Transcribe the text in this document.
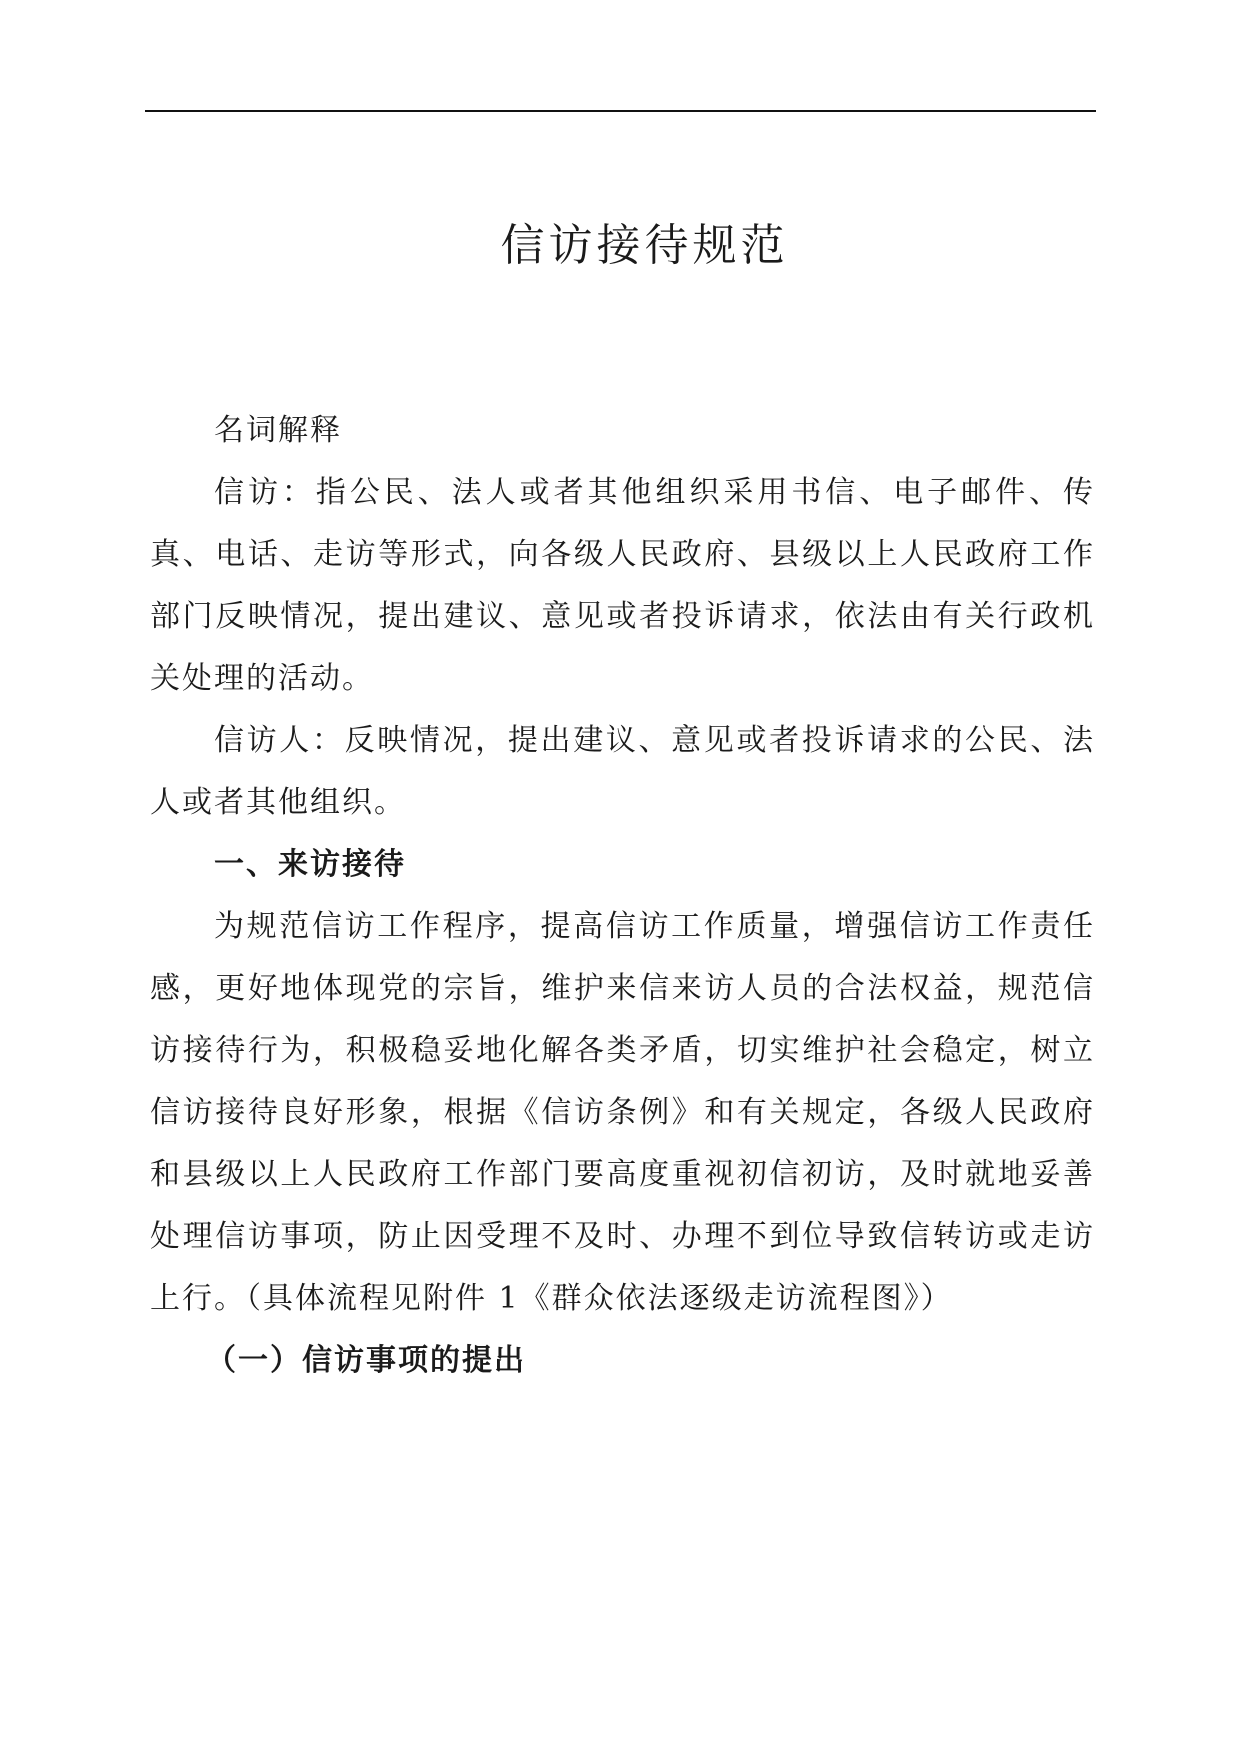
信访接待规范

名词解释

信访：指公民、法人或者其他组织采用书信、电子邮件、传真、电话、走访等形式，向各级人民政府、县级以上人民政府工作部门反映情况，提出建议、意见或者投诉请求，依法由有关行政机关处理的活动。

信访人：反映情况，提出建议、意见或者投诉请求的公民、法人或者其他组织。

一、来访接待

为规范信访工作程序，提高信访工作质量，增强信访工作责任感，更好地体现党的宗旨，维护来信来访人员的合法权益，规范信访接待行为，积极稳妥地化解各类矛盾，切实维护社会稳定，树立信访接待良好形象，根据《信访条例》和有关规定，各级人民政府和县级以上人民政府工作部门要高度重视初信初访，及时就地妥善处理信访事项，防止因受理不及时、办理不到位导致信转访或走访上行。（具体流程见附件 1《群众依法逐级走访流程图》）

（一）信访事项的提出
